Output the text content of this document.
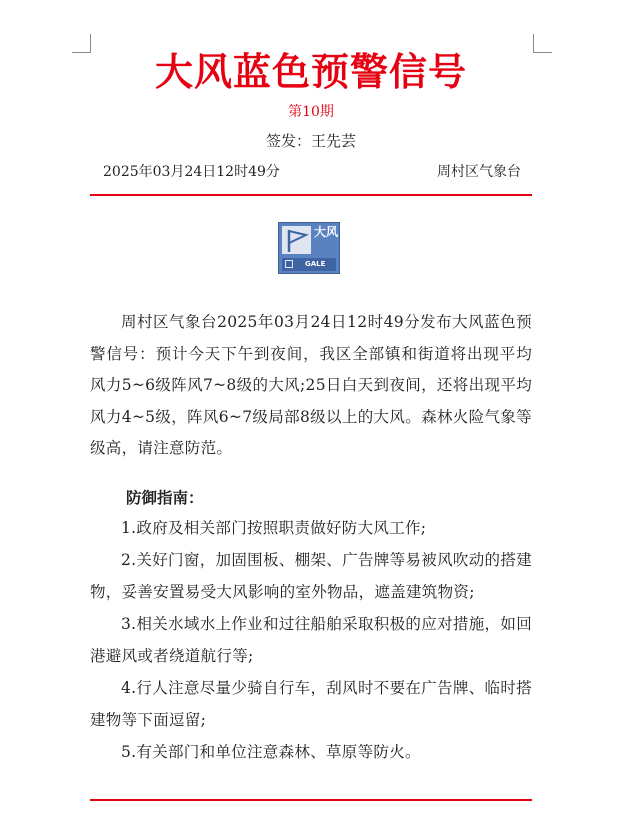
大风蓝色预警信号
第10期
签发：王先芸
2025年03月24日12时49分	周村区气象台
大风
GALE
周村区气象台2025年03月24日12时49分发布大风蓝色预警信号：预计今天下午到夜间，我区全部镇和街道将出现平均风力5~6级阵风7~8级的大风;25日白天到夜间，还将出现平均风力4~5级，阵风6~7级局部8级以上的大风。森林火险气象等级高，请注意防范。
防御指南：
1.政府及相关部门按照职责做好防大风工作;
2.关好门窗，加固围板、棚架、广告牌等易被风吹动的搭建物，妥善安置易受大风影响的室外物品，遮盖建筑物资;
3.相关水域水上作业和过往船舶采取积极的应对措施，如回港避风或者绕道航行等;
4.行人注意尽量少骑自行车，刮风时不要在广告牌、临时搭建物等下面逗留;
5.有关部门和单位注意森林、草原等防火。
